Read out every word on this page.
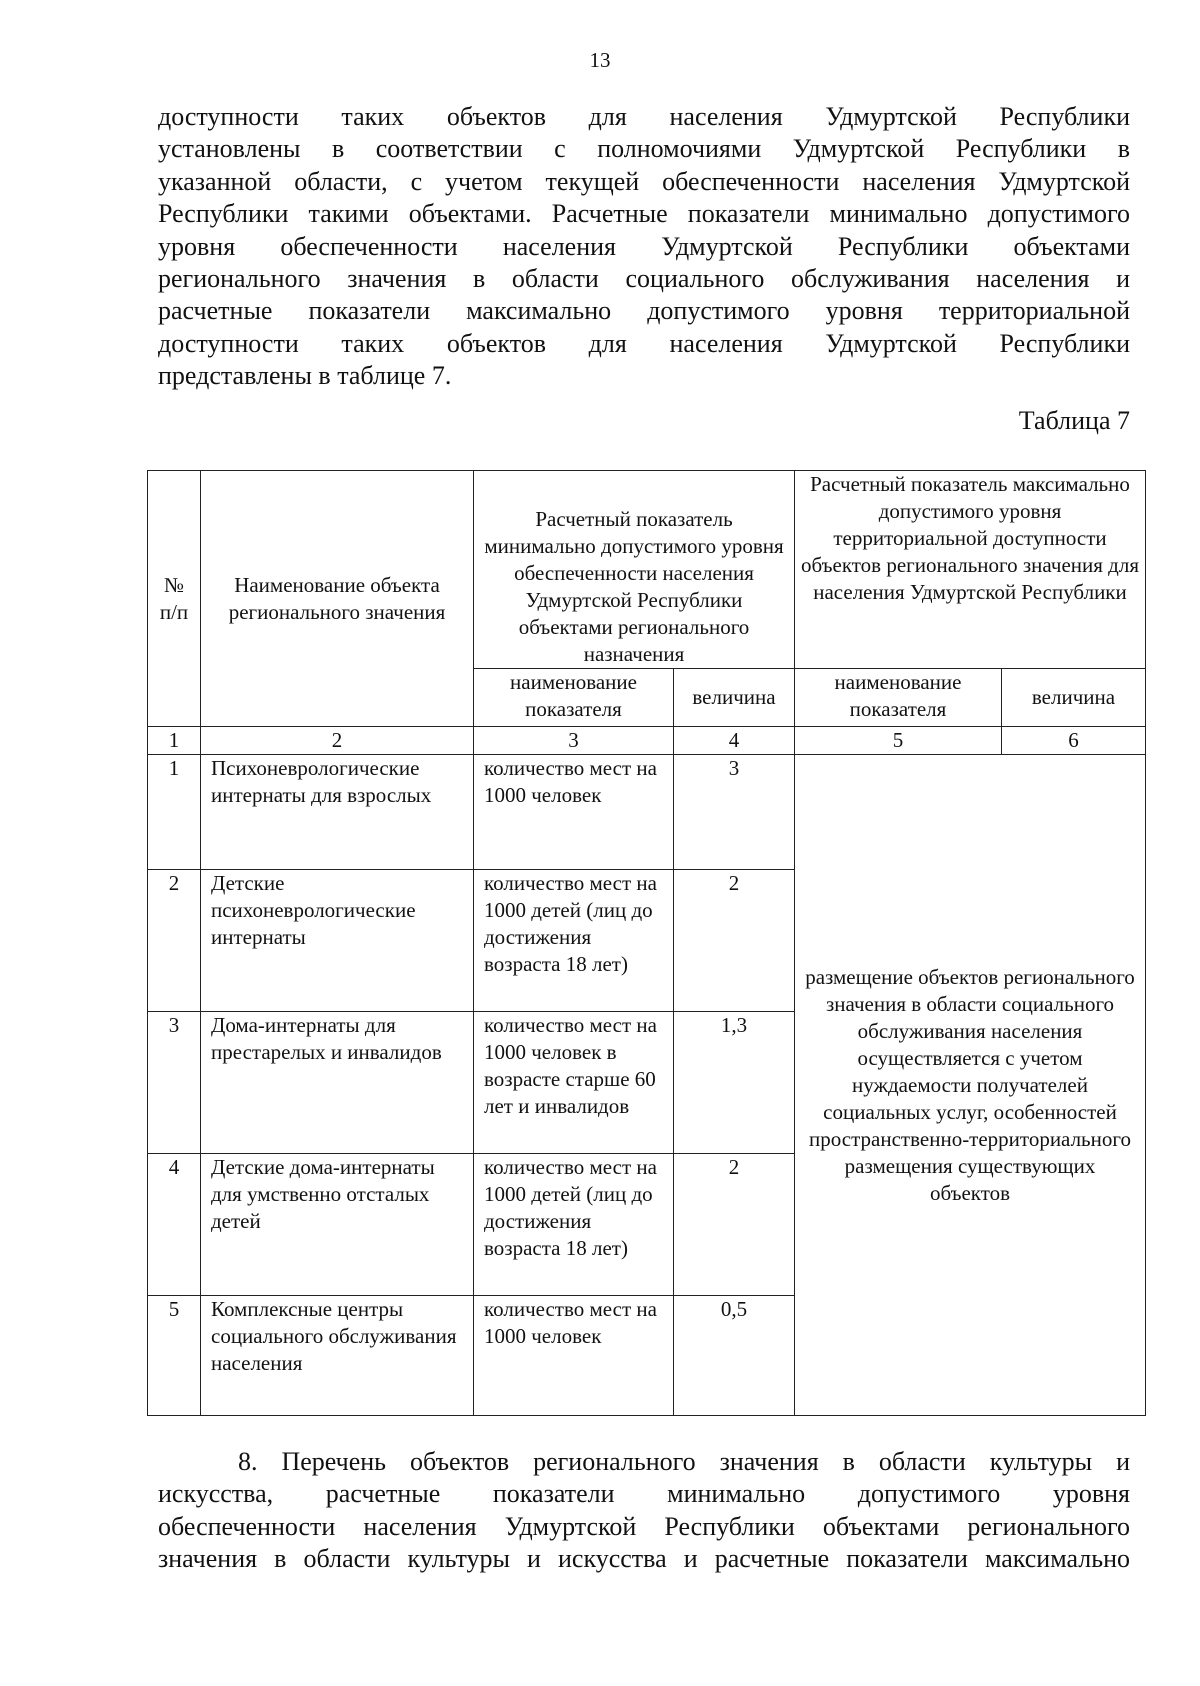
13
доступности таких объектов для населения Удмуртской Республики
установлены в соответствии с полномочиями Удмуртской Республики в
указанной области, с учетом текущей обеспеченности населения Удмуртской
Республики такими объектами. Расчетные показатели минимально допустимого
уровня обеспеченности населения Удмуртской Республики объектами
регионального значения в области социального обслуживания населения и
расчетные показатели максимально допустимого уровня территориальной
доступности таких объектов для населения Удмуртской Республики
представлены в таблице 7.
Таблица 7
№ п/п	Наименование объекта регионального значения	Расчетный показатель минимально допустимого уровня обеспеченности населения Удмуртской Республики объектами регионального назначения		Расчетный показатель максимально допустимого уровня территориальной доступности объектов регионального значения для населения Удмуртской Республики	
		наименование показателя	величина	наименование показателя	величина
1	2	3	4	5	6
1	Психоневрологические интернаты для взрослых	количество мест на 1000 человек	3	размещение объектов регионального значения в области социального обслуживания населения осуществляется с учетом нуждаемости получателей социальных услуг, особенностей пространственно-территориального размещения существующих объектов	
2	Детские психоневрологические интернаты	количество мест на 1000 детей (лиц до достижения возраста 18 лет)	2		
3	Дома-интернаты для престарелых и инвалидов	количество мест на 1000 человек в возрасте старше 60 лет и инвалидов	1,3		
4	Детские дома-интернаты для умственно отсталых детей	количество мест на 1000 детей (лиц до достижения возраста 18 лет)	2		
5	Комплексные центры социального обслуживания населения	количество мест на 1000 человек	0,5		
8. Перечень объектов регионального значения в области культуры и
искусства, расчетные показатели минимально допустимого уровня
обеспеченности населения Удмуртской Республики объектами регионального
значения в области культуры и искусства и расчетные показатели максимально
